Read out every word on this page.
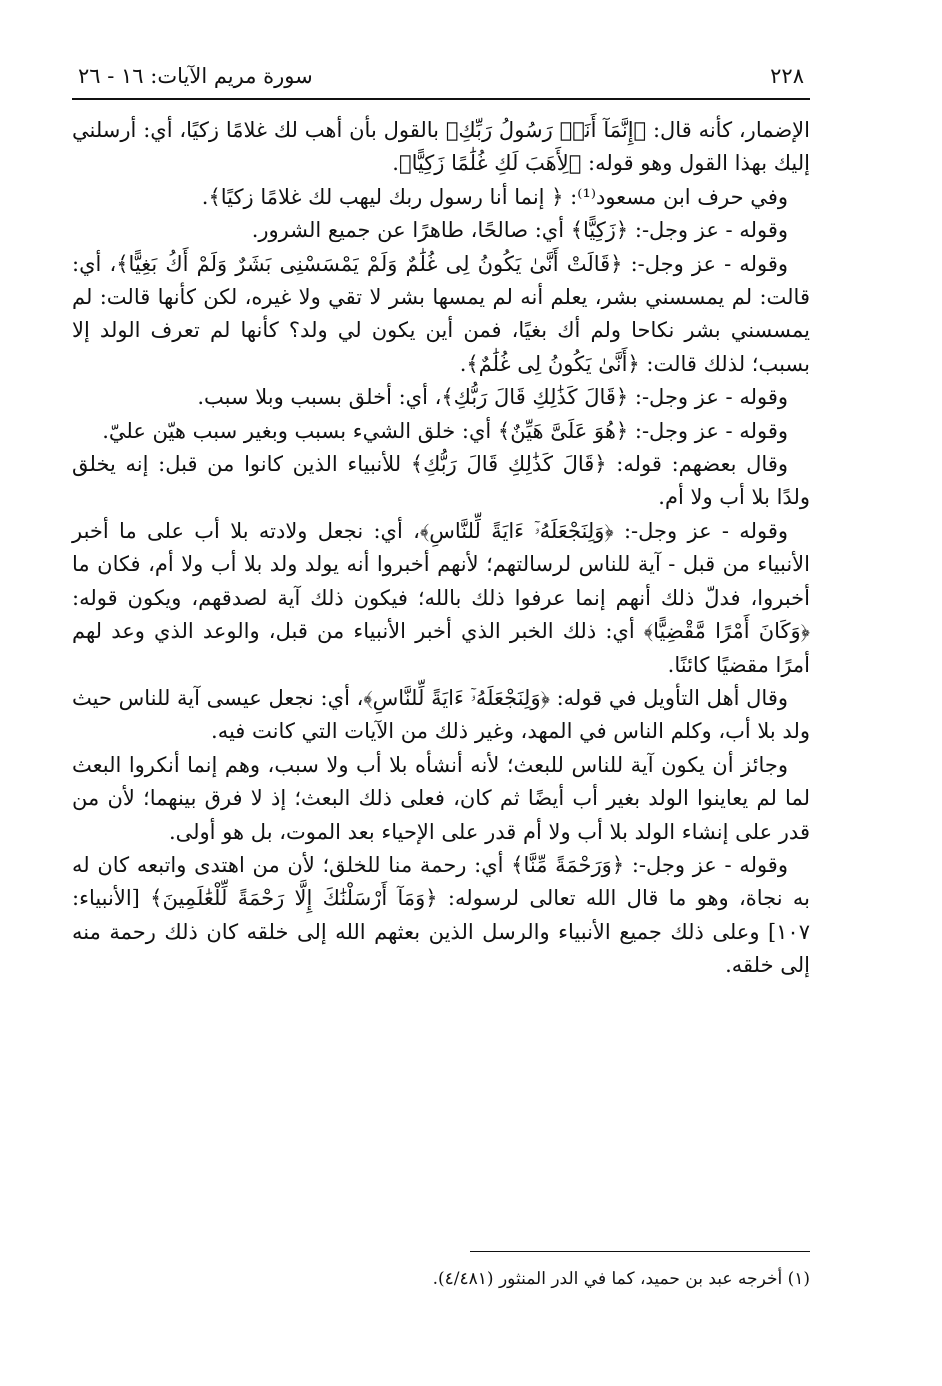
٢٢٨
سورة مريم الآيات: ١٦ - ٢٦

الإضمار، كأنه قال: ﴿إِنَّمَآ أَنَا۠ رَسُولُ رَبِّكِ﴾ بالقول بأن أهب لك غلامًا زكيًا، أي: أرسلني إليك بهذا القول وهو قوله: ﴿لِأَهَبَ لَكِ غُلَٰمًا زَكِيًّا﴾.

وفي حرف ابن مسعود⁽¹⁾: ﴿ إنما أنا رسول ربك ليهب لك غلامًا زكيًا﴾.

وقوله - عز وجل-: ﴿زَكِيًّا﴾ أي: صالحًا، طاهرًا عن جميع الشرور.

وقوله - عز وجل-: ﴿قَالَتْ أَنَّىٰ يَكُونُ لِى غُلَٰمٌ وَلَمْ يَمْسَسْنِى بَشَرٌ وَلَمْ أَكُ بَغِيًّا﴾، أي: قالت: لم يمسسني بشر، يعلم أنه لم يمسها بشر لا تقي ولا غيره، لكن كأنها قالت: لم يمسسني بشر نكاحا ولم أك بغيًا، فمن أين يكون لي ولد؟ كأنها لم تعرف الولد إلا بسبب؛ لذلك قالت: ﴿أَنَّىٰ يَكُونُ لِى غُلَٰمٌ﴾.

وقوله - عز وجل-: ﴿قَالَ كَذَٰلِكِ قَالَ رَبُّكِ﴾، أي: أخلق بسبب وبلا سبب.

وقوله - عز وجل-: ﴿هُوَ عَلَىَّ هَيِّنٌ﴾ أي: خلق الشيء بسبب وبغير سبب هيّن عليّ.

وقال بعضهم: قوله: ﴿قَالَ كَذَٰلِكِ قَالَ رَبُّكِ﴾ للأنبياء الذين كانوا من قبل: إنه يخلق ولدًا بلا أب ولا أم.

وقوله - عز وجل-: ﴿وَلِنَجْعَلَهُۥٓ ءَايَةً لِّلنَّاسِ﴾، أي: نجعل ولادته بلا أب على ما أخبر الأنبياء من قبل - آية للناس لرسالتهم؛ لأنهم أخبروا أنه يولد ولد بلا أب ولا أم، فكان ما أخبروا، فدلّ ذلك أنهم إنما عرفوا ذلك بالله؛ فيكون ذلك آية لصدقهم، ويكون قوله: ﴿وَكَانَ أَمْرًا مَّقْضِيًّا﴾ أي: ذلك الخبر الذي أخبر الأنبياء من قبل، والوعد الذي وعد لهم أمرًا مقضيًا كائنًا.

وقال أهل التأويل في قوله: ﴿وَلِنَجْعَلَهُۥٓ ءَايَةً لِّلنَّاسِ﴾، أي: نجعل عيسى آية للناس حيث ولد بلا أب، وكلم الناس في المهد، وغير ذلك من الآيات التي كانت فيه.

وجائز أن يكون آية للناس للبعث؛ لأنه أنشأه بلا أب ولا سبب، وهم إنما أنكروا البعث لما لم يعاينوا الولد بغير أب أيضًا ثم كان، فعلى ذلك البعث؛ إذ لا فرق بينهما؛ لأن من قدر على إنشاء الولد بلا أب ولا أم قدر على الإحياء بعد الموت، بل هو أولى.

وقوله - عز وجل-: ﴿وَرَحْمَةً مِّنَّا﴾ أي: رحمة منا للخلق؛ لأن من اهتدى واتبعه كان له به نجاة، وهو ما قال الله تعالى لرسوله: ﴿وَمَآ أَرْسَلْنَٰكَ إِلَّا رَحْمَةً لِّلْعَٰلَمِينَ﴾ [الأنبياء: ١٠٧] وعلى ذلك جميع الأنبياء والرسل الذين بعثهم الله إلى خلقه كان ذلك رحمة منه إلى خلقه.

(١) أخرجه عبد بن حميد، كما في الدر المنثور (٤/٤٨١).
